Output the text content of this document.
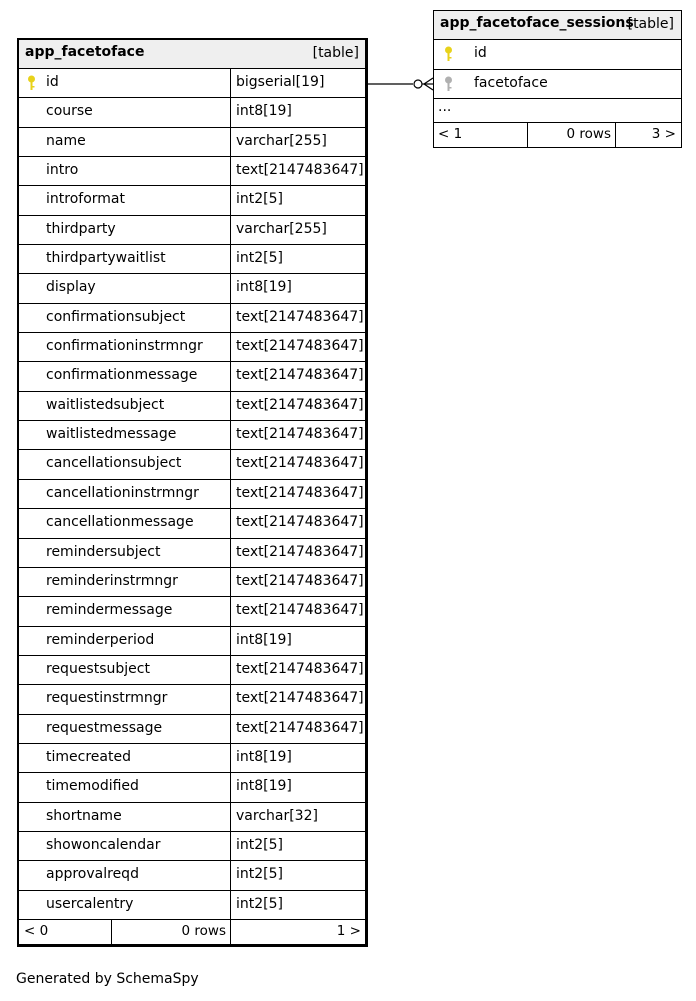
app_facetoface	[table]
id	bigserial[19]
course	int8[19]
name	varchar[255]
intro	text[2147483647]
introformat	int2[5]
thirdparty	varchar[255]
thirdpartywaitlist	int2[5]
display	int8[19]
confirmationsubject	text[2147483647]
confirmationinstrmngr text[2147483647]
confirmationmessage	text[2147483647]
waitlistedsubject	text[2147483647]
waitlistedmessage	text[2147483647]
cancellationsubject	text[2147483647]
cancellationinstrmngr	text[2147483647]
cancellationmessage	text[2147483647]
remindersubject	text[2147483647]
reminderinstrmngr	text[2147483647]
remindermessage	text[2147483647]
reminderperiod	int8[19]
requestsubject	text[2147483647]
requestinstrmngr	text[2147483647]
requestmessage	text[2147483647]
timecreated	int8[19]
timemodified	int8[19]
shortname	varchar[32]
showoncalendar	int2[5]
approvalreqd	int2[5]
usercalentry	int2[5]
< 0	0 rows	1 >
app_facetoface_sessions
[table]
id
facetoface
...
< 1	0 rows	3 >
Generated by SchemaSpy
